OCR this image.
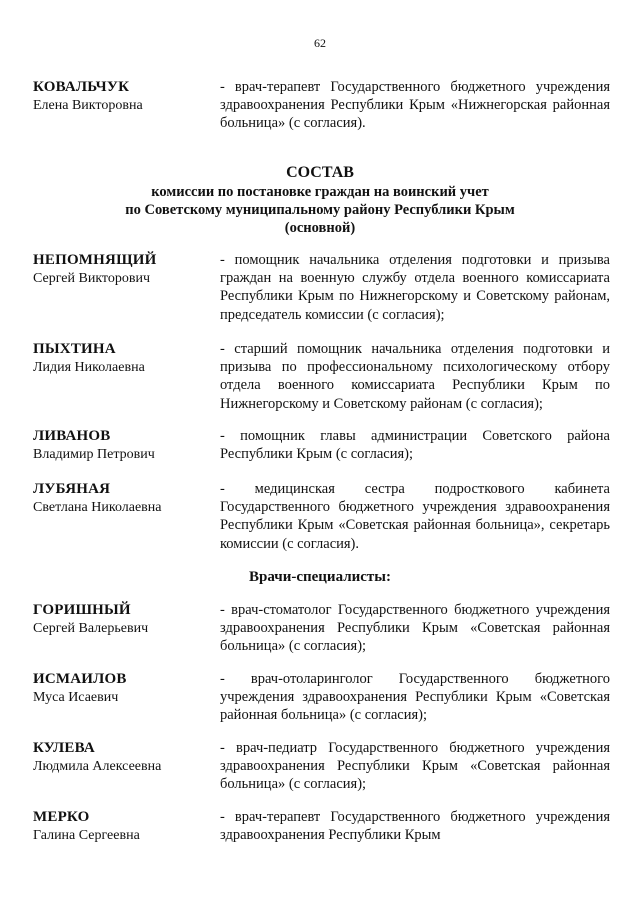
62
КОВАЛЬЧУК
Елена Викторовна
- врач-терапевт Государственного бюджетного учреждения здравоохранения Республики Крым «Нижнегорская районная больница» (с согласия).
СОСТАВ
комиссии по постановке граждан на воинский учет
по Советскому муниципальному району Республики Крым
(основной)
НЕПОМНЯЩИЙ
Сергей Викторович
- помощник начальника отделения подготовки и призыва граждан на военную службу отдела военного комиссариата Республики Крым по Нижнегорскому и Советскому районам, председатель комиссии (с согласия);
ПЫХТИНА
Лидия Николаевна
- старший помощник начальника отделения подготовки и призыва по профессиональному психологическому отбору отдела военного комиссариата Республики Крым по Нижнегорскому и Советскому районам (с согласия);
ЛИВАНОВ
Владимир Петрович
- помощник главы администрации Советского района Республики Крым (с согласия);
ЛУБЯНАЯ
Светлана Николаевна
- медицинская сестра подросткового кабинета Государственного бюджетного учреждения здравоохранения Республики Крым «Советская районная больница», секретарь комиссии (с согласия).
Врачи-специалисты:
ГОРИШНЫЙ
Сергей Валерьевич
- врач-стоматолог Государственного бюджетного учреждения здравоохранения Республики Крым «Советская районная больница» (с согласия);
ИСМАИЛОВ
Муса Исаевич
- врач-отоларинголог Государственного бюджетного учреждения здравоохранения Республики Крым «Советская районная больница» (с согласия);
КУЛЕВА
Людмила Алексеевна
- врач-педиатр Государственного бюджетного учреждения здравоохранения Республики Крым «Советская районная больница» (с согласия);
МЕРКО
Галина Сергеевна
- врач-терапевт Государственного бюджетного учреждения здравоохранения Республики Крым
